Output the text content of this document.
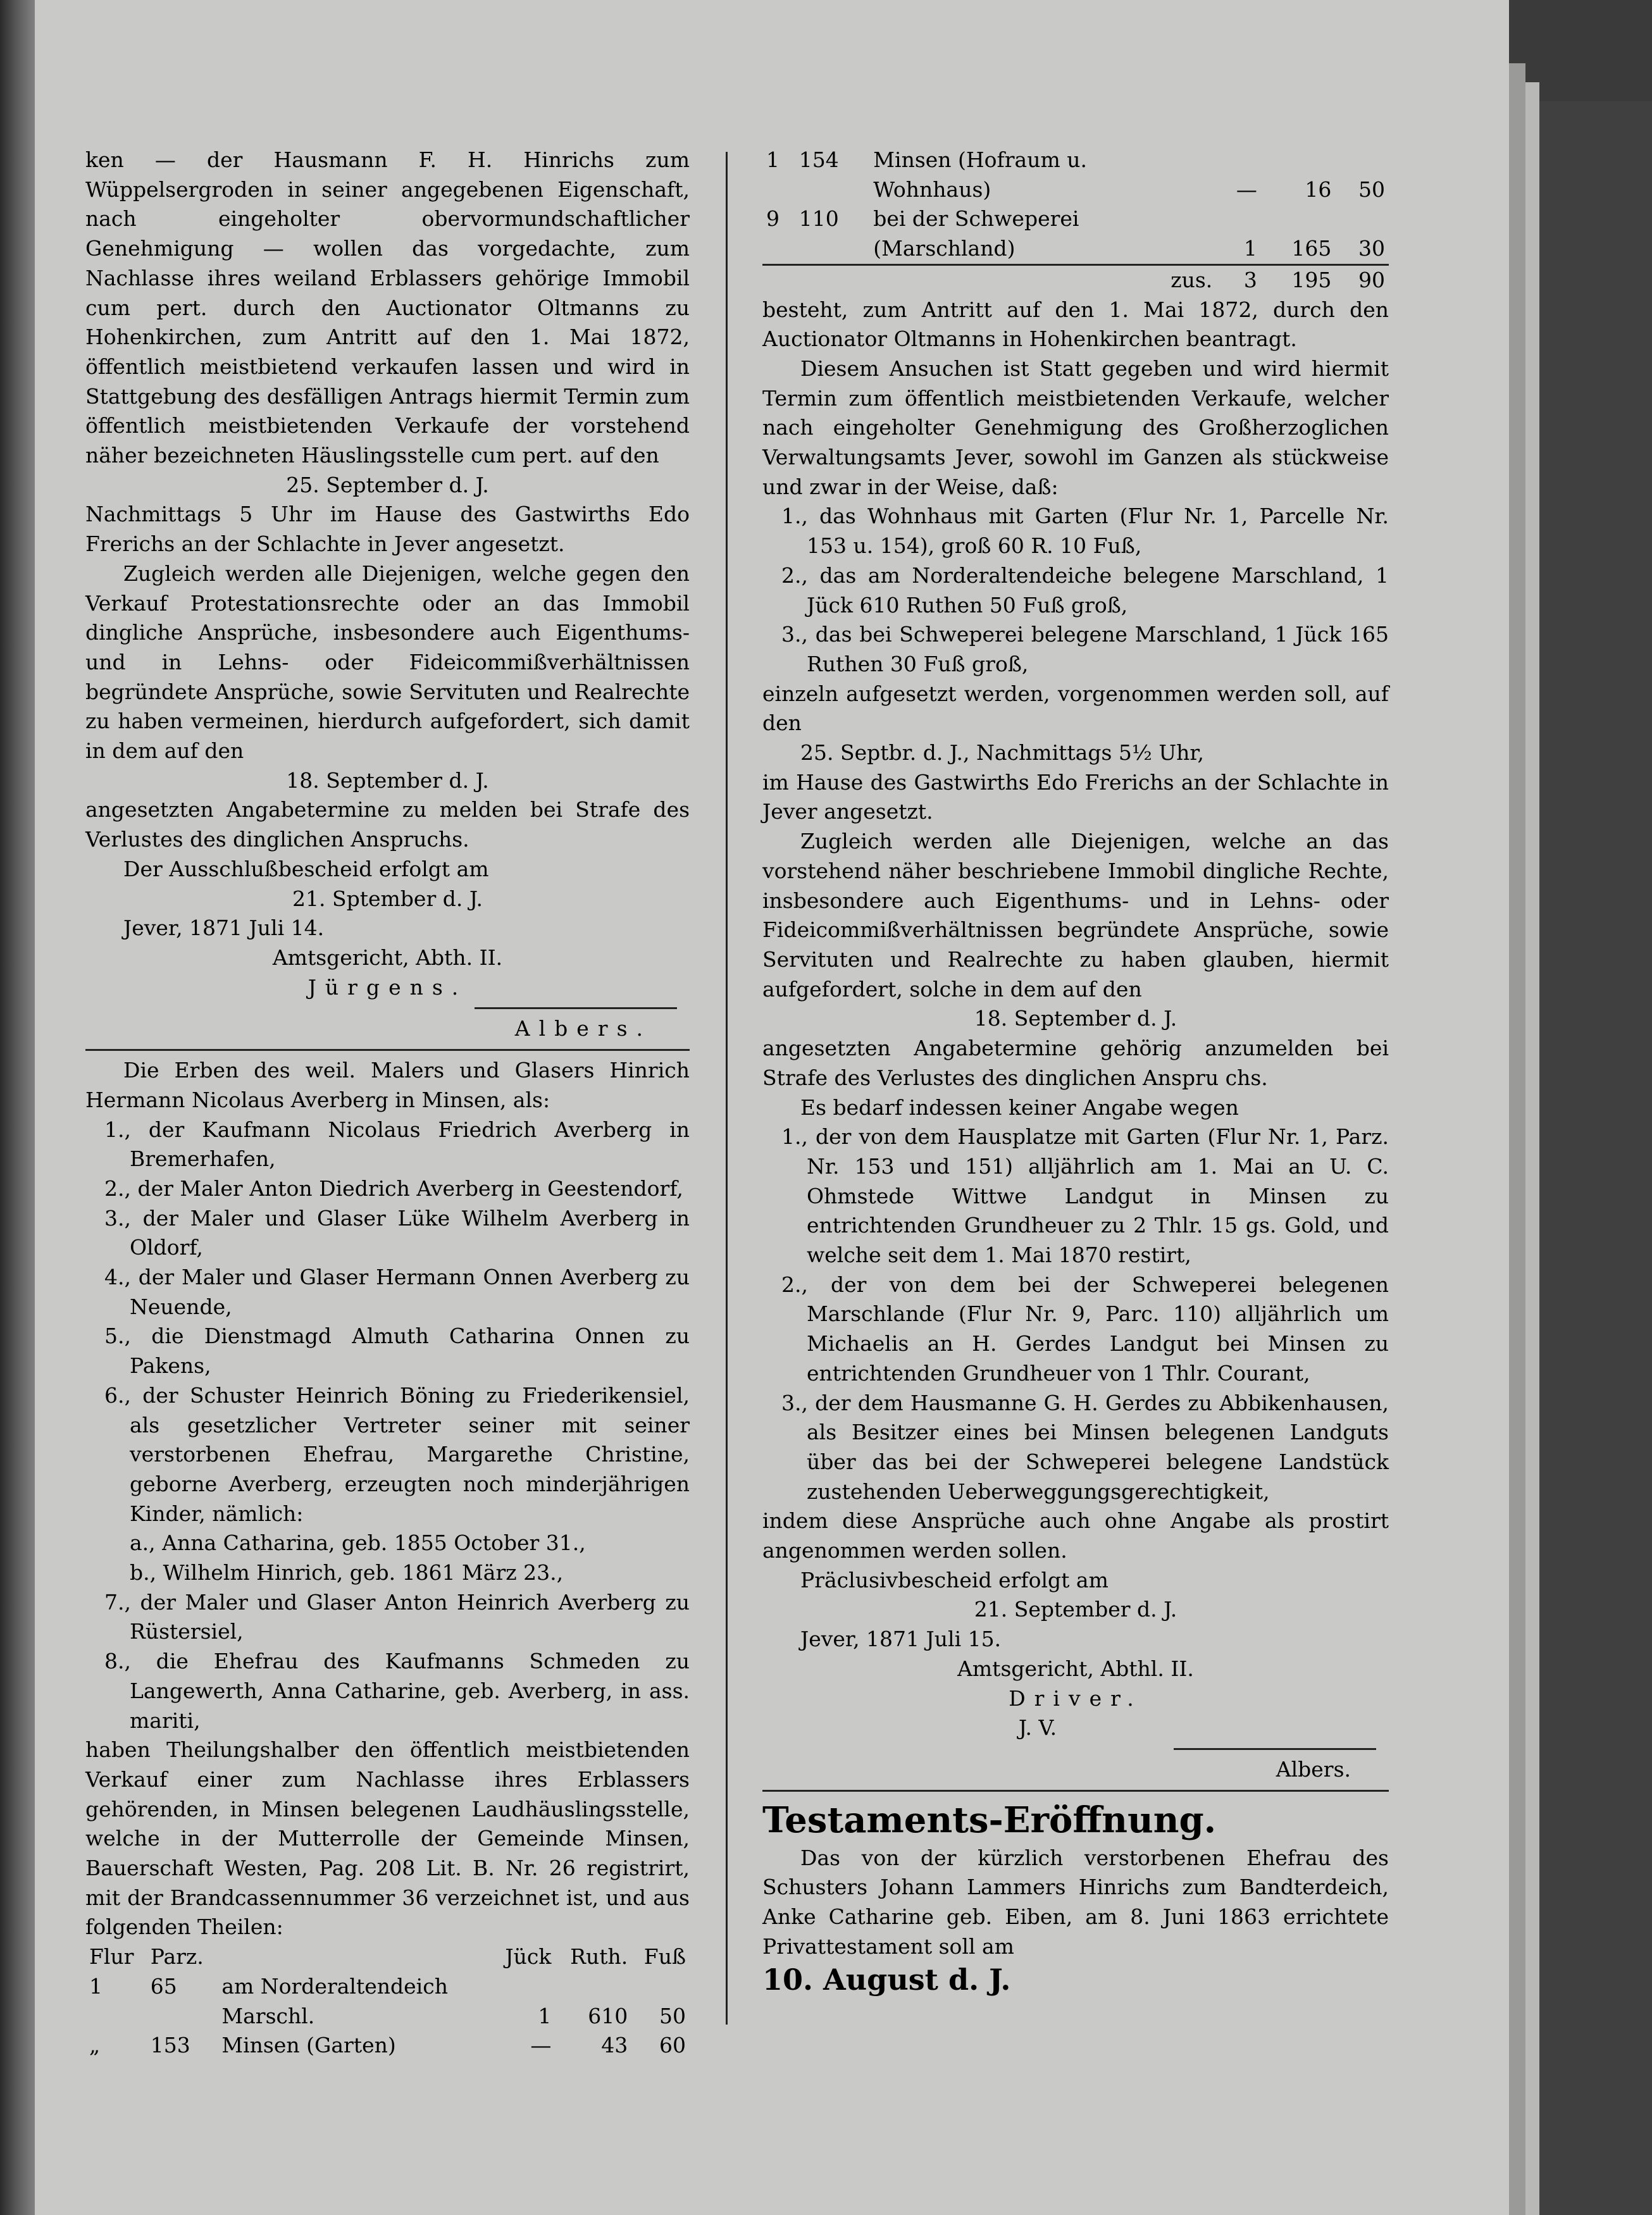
ken — der Hausmann F. H. Hinrichs zum Wüppelsergroden in seiner angegebenen Eigenschaft, nach eingeholter obervormundschaftlicher Genehmigung — wollen das vorgedachte, zum Nachlasse ihres weiland Erblassers gehörige Immobil cum pert. durch den Auctionator Oltmanns zu Hohenkirchen, zum Antritt auf den 1. Mai 1872, öffentlich meistbietend verkaufen lassen und wird in Stattgebung des desfälligen Antrags hiermit Termin zum öffentlich meistbietenden Verkaufe der vorstehend näher bezeichneten Häuslingsstelle cum pert. auf den

25. September d. J.

Nachmittags 5 Uhr im Hause des Gastwirths Edo Frerichs an der Schlachte in Jever angesetzt.

Zugleich werden alle Diejenigen, welche gegen den Verkauf Protestationsrechte oder an das Immobil dingliche Ansprüche, insbesondere auch Eigenthums- und in Lehns- oder Fideicommißverhältnissen begründete Ansprüche, sowie Servituten und Realrechte zu haben vermeinen, hierdurch aufgefordert, sich damit in dem auf den

18. September d. J.

angesetzten Angabetermine zu melden bei Strafe des Verlustes des dinglichen Anspruchs.

Der Ausschlußbescheid erfolgt am

21. Sptember d. J.

Jever, 1871 Juli 14.

Amtsgericht, Abth. II.

Jürgens.

Albers.

Die Erben des weil. Malers und Glasers Hinrich Hermann Nicolaus Averberg in Minsen, als:

1., der Kaufmann Nicolaus Friedrich Averberg in Bremerhafen,

2., der Maler Anton Diedrich Averberg in Geestendorf,

3., der Maler und Glaser Lüke Wilhelm Averberg in Oldorf,

4., der Maler und Glaser Hermann Onnen Averberg zu Neuende,

5., die Dienstmagd Almuth Catharina Onnen zu Pakens,

6., der Schuster Heinrich Böning zu Friederikensiel, als gesetzlicher Vertreter seiner mit seiner verstorbenen Ehefrau, Margarethe Christine, geborne Averberg, erzeugten noch minderjährigen Kinder, nämlich:

a., Anna Catharina, geb. 1855 October 31.,

b., Wilhelm Hinrich, geb. 1861 März 23.,

7., der Maler und Glaser Anton Heinrich Averberg zu Rüstersiel,

8., die Ehefrau des Kaufmanns Schmeden zu Langewerth, Anna Catharine, geb. Averberg, in ass. mariti,

haben Theilungshalber den öffentlich meistbietenden Verkauf einer zum Nachlasse ihres Erblassers gehörenden, in Minsen belegenen Laudhäuslingsstelle, welche in der Mutterrolle der Gemeinde Minsen, Bauerschaft Westen, Pag. 208 Lit. B. Nr. 26 registrirt, mit der Brandcassennummer 36 verzeichnet ist, und aus folgenden Theilen:

Flur	Parz.		Jück	Ruth.	Fuß
1	65	am Norderaltendeich			
		Marschl.	1	610	50
„	153	Minsen (Garten)	—	43	60
1	154	Minsen (Hofraum u.			
		Wohnhaus)	—	16	50
9	110	bei der Schweperei			
		(Marschland)	1	165	30
		zus.	3	195	90

besteht, zum Antritt auf den 1. Mai 1872, durch den Auctionator Oltmanns in Hohenkirchen beantragt.

Diesem Ansuchen ist Statt gegeben und wird hiermit Termin zum öffentlich meistbietenden Verkaufe, welcher nach eingeholter Genehmigung des Großherzoglichen Verwaltungsamts Jever, sowohl im Ganzen als stückweise und zwar in der Weise, daß:

1., das Wohnhaus mit Garten (Flur Nr. 1, Parcelle Nr. 153 u. 154), groß 60 R. 10 Fuß,

2., das am Norderaltendeiche belegene Marschland, 1 Jück 610 Ruthen 50 Fuß groß,

3., das bei Schweperei belegene Marschland, 1 Jück 165 Ruthen 30 Fuß groß,

einzeln aufgesetzt werden, vorgenommen werden soll, auf den

25. Septbr. d. J., Nachmittags 5½ Uhr,

im Hause des Gastwirths Edo Frerichs an der Schlachte in Jever angesetzt.

Zugleich werden alle Diejenigen, welche an das vorstehend näher beschriebene Immobil dingliche Rechte, insbesondere auch Eigenthums- und in Lehns- oder Fideicommißverhältnissen begründete Ansprüche, sowie Servituten und Realrechte zu haben glauben, hiermit aufgefordert, solche in dem auf den

18. September d. J.

angesetzten Angabetermine gehörig anzumelden bei Strafe des Verlustes des dinglichen Anspru chs.

Es bedarf indessen keiner Angabe wegen

1., der von dem Hausplatze mit Garten (Flur Nr. 1, Parz. Nr. 153 und 151) alljährlich am 1. Mai an U. C. Ohmstede Wittwe Landgut in Minsen zu entrichtenden Grundheuer zu 2 Thlr. 15 gs. Gold, und welche seit dem 1. Mai 1870 restirt,

2., der von dem bei der Schweperei belegenen Marschlande (Flur Nr. 9, Parc. 110) alljährlich um Michaelis an H. Gerdes Landgut bei Minsen zu entrichtenden Grundheuer von 1 Thlr. Courant,

3., der dem Hausmanne G. H. Gerdes zu Abbikenhausen, als Besitzer eines bei Minsen belegenen Landguts über das bei der Schweperei belegene Landstück zustehenden Ueberweggungsgerechtigkeit,

indem diese Ansprüche auch ohne Angabe als prostirt angenommen werden sollen.

Präclusivbescheid erfolgt am

21. September d. J.

Jever, 1871 Juli 15.

Amtsgericht, Abthl. II.

Driver.

J. V.

Albers.

Testaments-Eröffnung.

Das von der kürzlich verstorbenen Ehefrau des Schusters Johann Lammers Hinrichs zum Bandterdeich, Anke Catharine geb. Eiben, am 8. Juni 1863 errichtete Privattestament soll am

10. August d. J.
